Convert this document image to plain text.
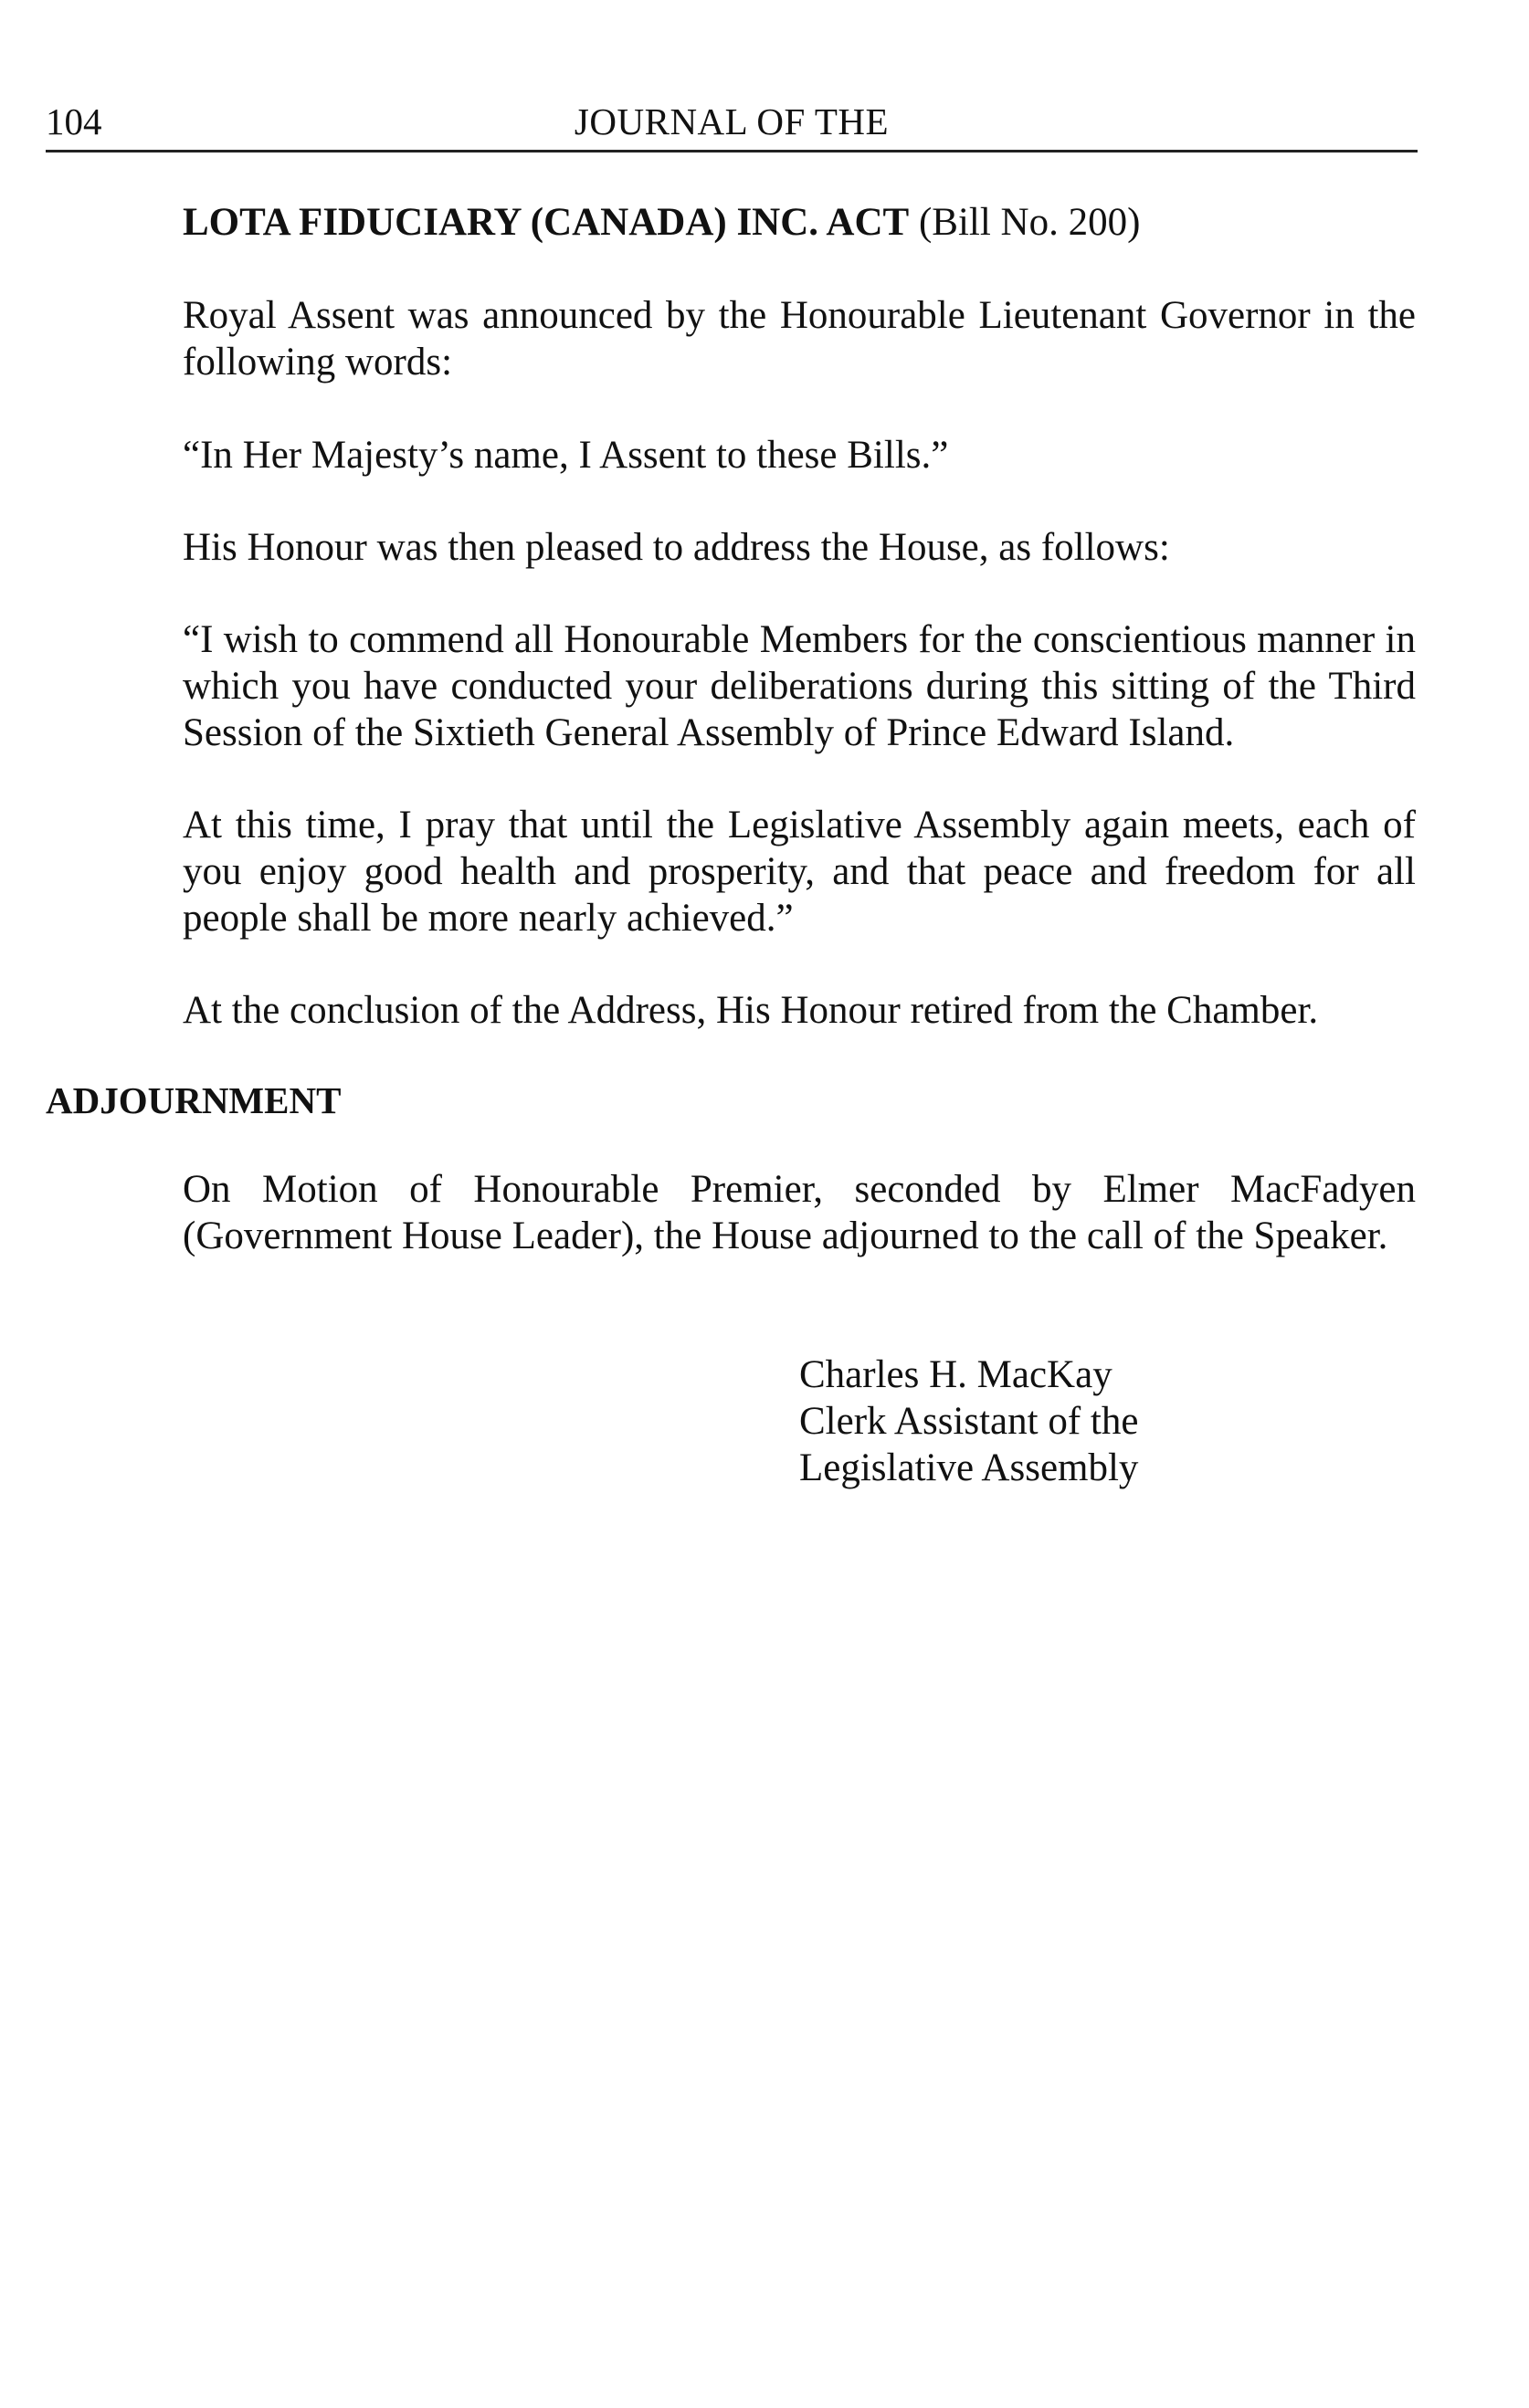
104	JOURNAL OF THE
LOTA FIDUCIARY (CANADA) INC. ACT (Bill No. 200)
Royal Assent was announced by the Honourable Lieutenant Governor in the following words:
“In Her Majesty’s name, I Assent to these Bills.”
His Honour was then pleased to address the House, as follows:
“I wish to commend all Honourable Members for the conscientious manner in which you have conducted your deliberations during this sitting of the Third Session of the Sixtieth General Assembly of Prince Edward Island.
At this time, I pray that until the Legislative Assembly again meets, each of you enjoy good health and prosperity, and that peace and freedom for all people shall be more nearly achieved.”
At the conclusion of the Address, His Honour retired from the Chamber.
ADJOURNMENT
On Motion of Honourable Premier, seconded by Elmer MacFadyen (Government House Leader), the House adjourned to the call of the Speaker.
Charles H. MacKay
Clerk Assistant of the
Legislative Assembly
